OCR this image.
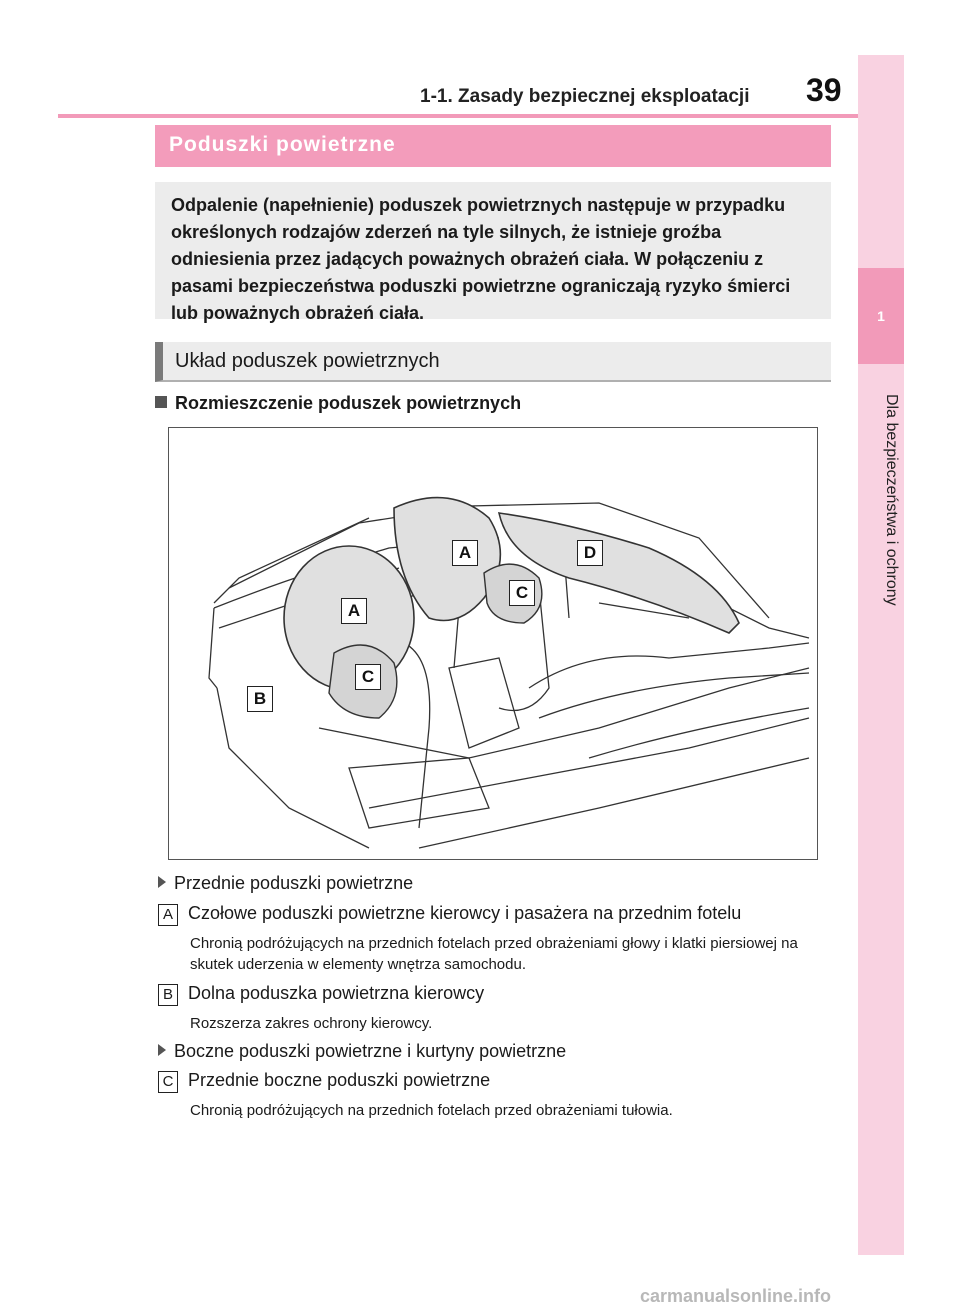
1-1. Zasady bezpiecznej eksploatacji	39
1
Dla bezpieczeństwa i ochrony
Poduszki powietrzne
Odpalenie (napełnienie) poduszek powietrznych następuje w przypadku określonych rodzajów zderzeń na tyle silnych, że istnieje groźba odniesienia przez jadących poważnych obrażeń ciała. W połączeniu z pasami bezpieczeństwa poduszki powietrzne ograniczają ryzyko śmierci lub poważnych obrażeń ciała.
Układ poduszek powietrznych
Rozmieszczenie poduszek powietrznych
A	D
A
C
C
B
Przednie poduszki powietrzne
A Czołowe poduszki powietrzne kierowcy i pasażera na przednim fotelu
Chronią podróżujących na przednich fotelach przed obrażeniami głowy i klatki piersiowej na skutek uderzenia w elementy wnętrza samochodu.
B Dolna poduszka powietrzna kierowcy
Rozszerza zakres ochrony kierowcy.
Boczne poduszki powietrzne i kurtyny powietrzne
C Przednie boczne poduszki powietrzne
Chronią podróżujących na przednich fotelach przed obrażeniami tułowia.
carmanualsonline.info
